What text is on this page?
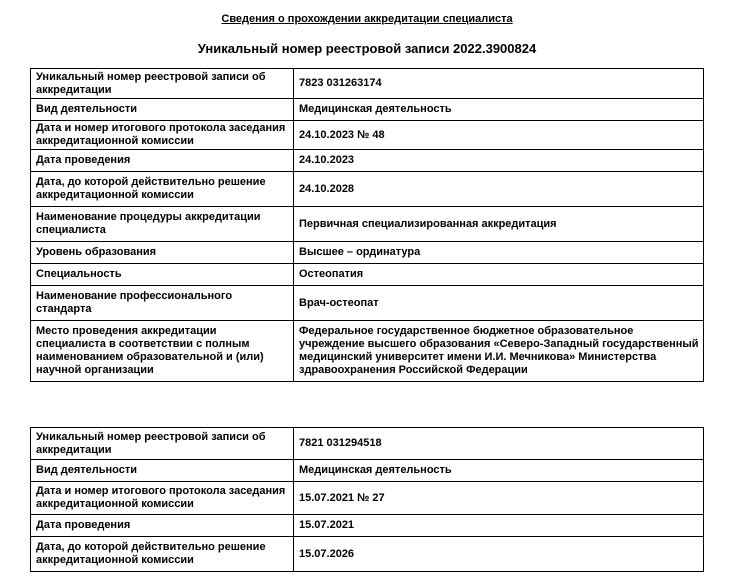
Сведения о прохождении аккредитации специалиста
Уникальный номер реестровой записи 2022.3900824
Уникальный номер реестровой записи об аккредитации	7823 031263174
Вид деятельности	Медицинская деятельность
Дата и номер итогового протокола заседания аккредитационной комиссии	24.10.2023 № 48
Дата проведения	24.10.2023
Дата, до которой действительно решение аккредитационной комиссии	24.10.2028
Наименование процедуры аккредитации специалиста	Первичная специализированная аккредитация
Уровень образования	Высшее – ординатура
Специальность	Остеопатия
Наименование профессионального стандарта	Врач-остеопат
Место проведения аккредитации специалиста в соответствии с полным наименованием образовательной и (или) научной организации	Федеральное государственное бюджетное образовательное учреждение высшего образования «Северо-Западный государственный медицинский университет имени И.И. Мечникова» Министерства здравоохранения Российской Федерации
Уникальный номер реестровой записи об аккредитации	7821 031294518
Вид деятельности	Медицинская деятельность
Дата и номер итогового протокола заседания аккредитационной комиссии	15.07.2021 № 27
Дата проведения	15.07.2021
Дата, до которой действительно решение аккредитационной комиссии	15.07.2026
